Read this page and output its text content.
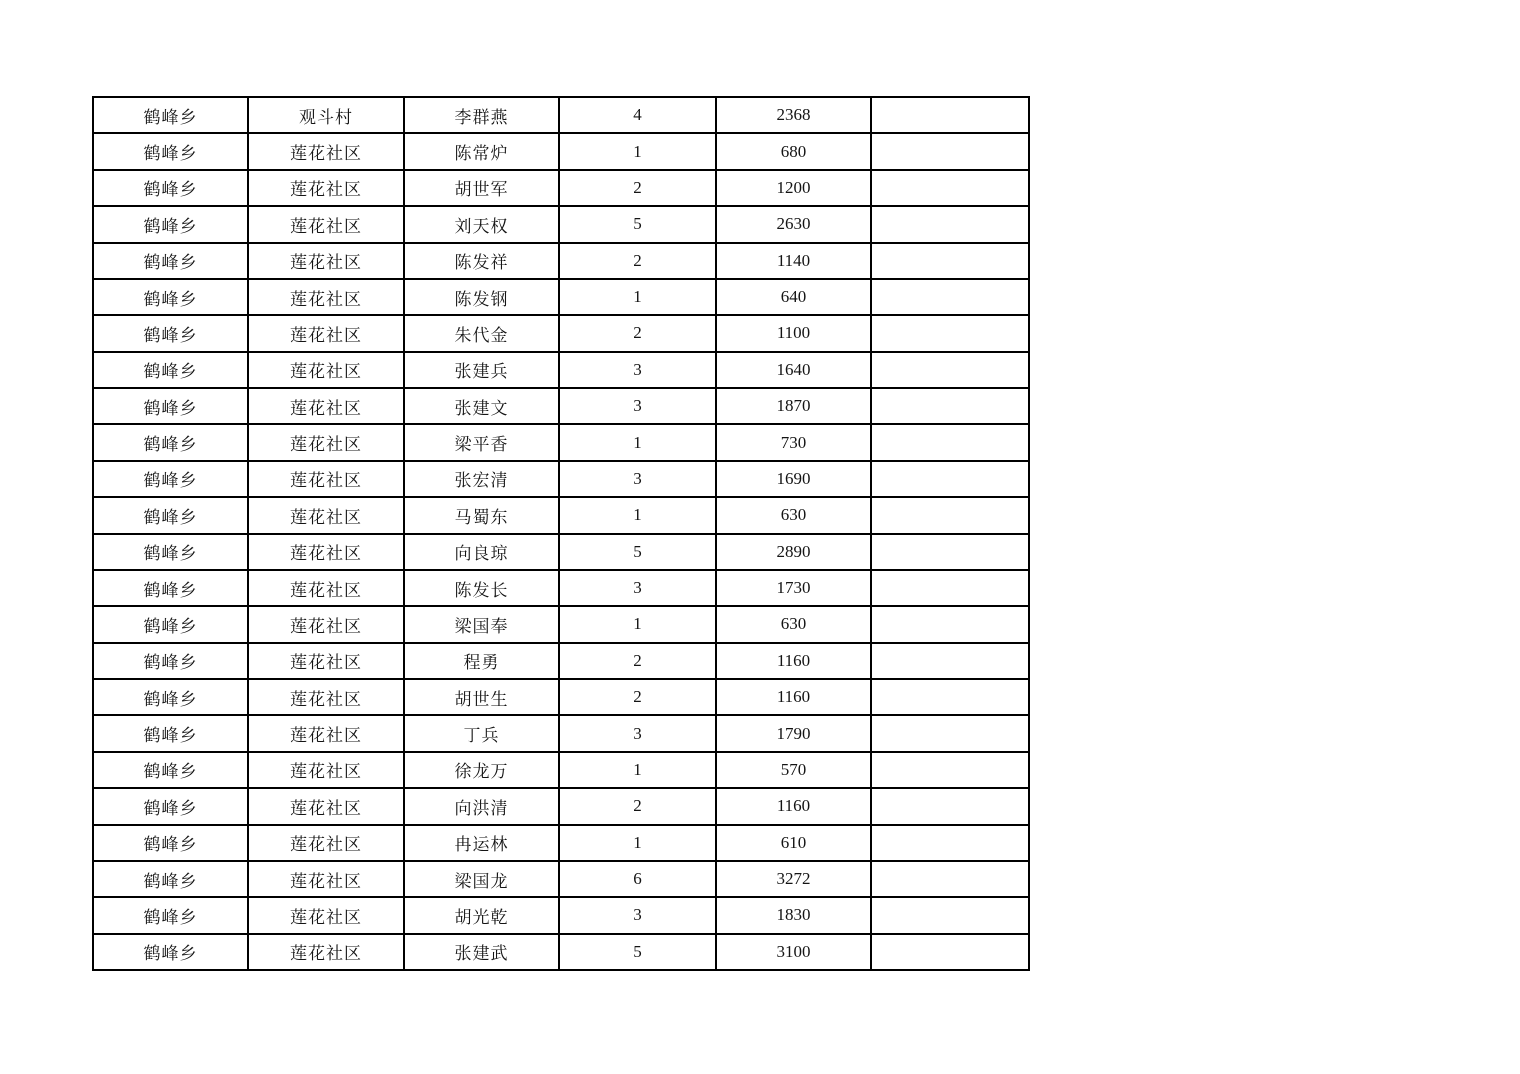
鹤峰乡	观斗村	李群燕	4	2368	
鹤峰乡	莲花社区	陈常炉	1	680	
鹤峰乡	莲花社区	胡世军	2	1200	
鹤峰乡	莲花社区	刘天权	5	2630	
鹤峰乡	莲花社区	陈发祥	2	1140	
鹤峰乡	莲花社区	陈发钢	1	640	
鹤峰乡	莲花社区	朱代金	2	1100	
鹤峰乡	莲花社区	张建兵	3	1640	
鹤峰乡	莲花社区	张建文	3	1870	
鹤峰乡	莲花社区	梁平香	1	730	
鹤峰乡	莲花社区	张宏清	3	1690	
鹤峰乡	莲花社区	马蜀东	1	630	
鹤峰乡	莲花社区	向良琼	5	2890	
鹤峰乡	莲花社区	陈发长	3	1730	
鹤峰乡	莲花社区	梁国奉	1	630	
鹤峰乡	莲花社区	程勇	2	1160	
鹤峰乡	莲花社区	胡世生	2	1160	
鹤峰乡	莲花社区	丁兵	3	1790	
鹤峰乡	莲花社区	徐龙万	1	570	
鹤峰乡	莲花社区	向洪清	2	1160	
鹤峰乡	莲花社区	冉运林	1	610	
鹤峰乡	莲花社区	梁国龙	6	3272	
鹤峰乡	莲花社区	胡光乾	3	1830	
鹤峰乡	莲花社区	张建武	5	3100	
